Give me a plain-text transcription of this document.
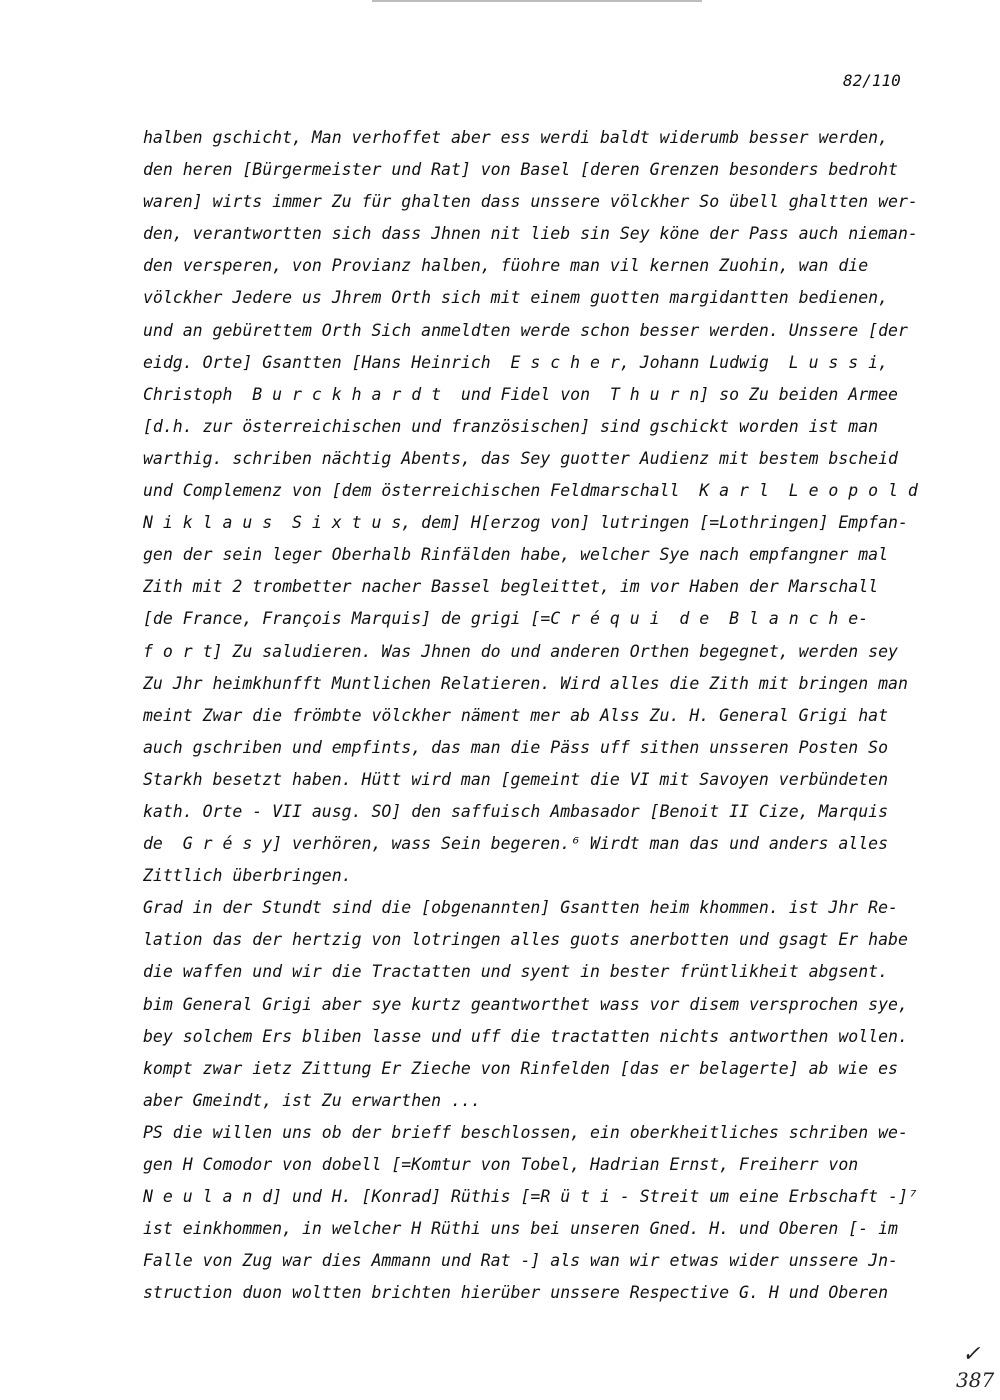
82/110
halben gschicht, Man verhoffet aber ess werdi baldt widerumb besser werden,
den heren [Bürgermeister und Rat] von Basel [deren Grenzen besonders bedroht
waren] wirts immer Zu für ghalten dass unssere völckher So übell ghaltten wer-
den, verantwortten sich dass Jhnen nit lieb sin Sey köne der Pass auch nieman-
den versperen, von Provianz halben, füohre man vil kernen Zuohin, wan die
völckher Jedere us Jhrem Orth sich mit einem guotten margidantten bedienen,
und an gebürettem Orth Sich anmeldten werde schon besser werden. Unssere [der
eidg. Orte] Gsantten [Hans Heinrich  E s c h e r, Johann Ludwig  L u s s i,
Christoph  B u r c k h a r d t  und Fidel von  T h u r n] so Zu beiden Armee
[d.h. zur österreichischen und französischen] sind gschickt worden ist man
warthig. schriben nächtig Abents, das Sey guotter Audienz mit bestem bscheid
und Complemenz von [dem österreichischen Feldmarschall  K a r l  L e o p o l d
N i k l a u s  S i x t u s, dem] H[erzog von] lutringen [=Lothringen] Empfan-
gen der sein leger Oberhalb Rinfälden habe, welcher Sye nach empfangner mal
Zith mit 2 trombetter nacher Bassel begleittet, im vor Haben der Marschall
[de France, François Marquis] de grigi [=C r é q u i  d e  B l a n c h e-
f o r t] Zu saludieren. Was Jhnen do und anderen Orthen begegnet, werden sey
Zu Jhr heimkhunfft Muntlichen Relatieren. Wird alles die Zith mit bringen man
meint Zwar die frömbte völckher näment mer ab Alss Zu. H. General Grigi hat
auch gschriben und empfints, das man die Päss uff sithen unsseren Posten So
Starkh besetzt haben. Hütt wird man [gemeint die VI mit Savoyen verbündeten
kath. Orte - VII ausg. SO] den saffuisch Ambasador [Benoit II Cize, Marquis
de  G r é s y] verhören, wass Sein begeren.⁶ Wirdt man das und anders alles
Zittlich überbringen.
Grad in der Stundt sind die [obgenannten] Gsantten heim khommen. ist Jhr Re-
lation das der hertzig von lotringen alles guots anerbotten und gsagt Er habe
die waffen und wir die Tractatten und syent in bester früntlikheit abgsent.
bim General Grigi aber sye kurtz geantworthet wass vor disem versprochen sye,
bey solchem Ers bliben lasse und uff die tractatten nichts antworthen wollen.
kompt zwar ietz Zittung Er Zieche von Rinfelden [das er belagerte] ab wie es
aber Gmeindt, ist Zu erwarthen ...
PS die willen uns ob der brieff beschlossen, ein oberkheitliches schriben we-
gen H Comodor von dobell [=Komtur von Tobel, Hadrian Ernst, Freiherr von
N e u l a n d] und H. [Konrad] Rüthis [=R ü t i - Streit um eine Erbschaft -]⁷
ist einkhommen, in welcher H Rüthi uns bei unseren Gned. H. und Oberen [- im
Falle von Zug war dies Ammann und Rat -] als wan wir etwas wider unssere Jn-
struction duon woltten brichten hierüber unssere Respective G. H und Oberen
✓
387
